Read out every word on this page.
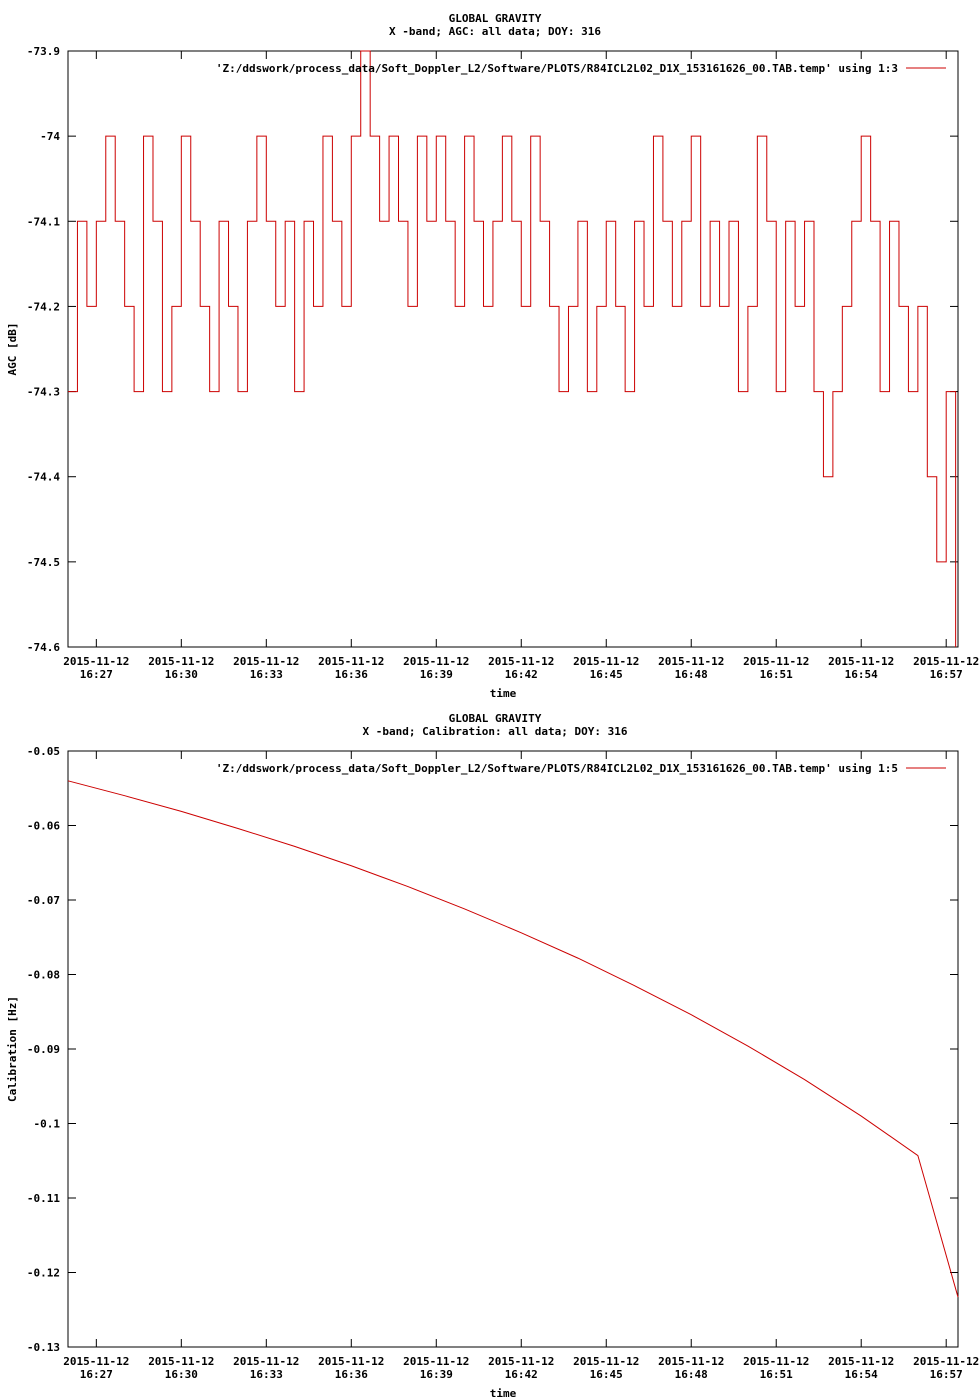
GLOBAL GRAVITY
X -band; AGC: all data; DOY: 316
-73.9
-74
-74.1
-74.2
-74.3
-74.4
-74.5
-74.6
2015-11-12
16:27
2015-11-12
16:30
2015-11-12
16:33
2015-11-12
16:36
2015-11-12
16:39
2015-11-12
16:42
2015-11-12
16:45
2015-11-12
16:48
2015-11-12
16:51
2015-11-12
16:54
2015-11-12
16:57
time
AGC [dB]
'Z:/ddswork/process_data/Soft_Doppler_L2/Software/PLOTS/R84ICL2L02_D1X_153161626_00.TAB.temp' using 1:3
GLOBAL GRAVITY
X -band; Calibration: all data; DOY: 316
-0.05
-0.06
-0.07
-0.08
-0.09
-0.1
-0.11
-0.12
-0.13
2015-11-12
16:27
2015-11-12
16:30
2015-11-12
16:33
2015-11-12
16:36
2015-11-12
16:39
2015-11-12
16:42
2015-11-12
16:45
2015-11-12
16:48
2015-11-12
16:51
2015-11-12
16:54
2015-11-12
16:57
time
Calibration [Hz]
'Z:/ddswork/process_data/Soft_Doppler_L2/Software/PLOTS/R84ICL2L02_D1X_153161626_00.TAB.temp' using 1:5
